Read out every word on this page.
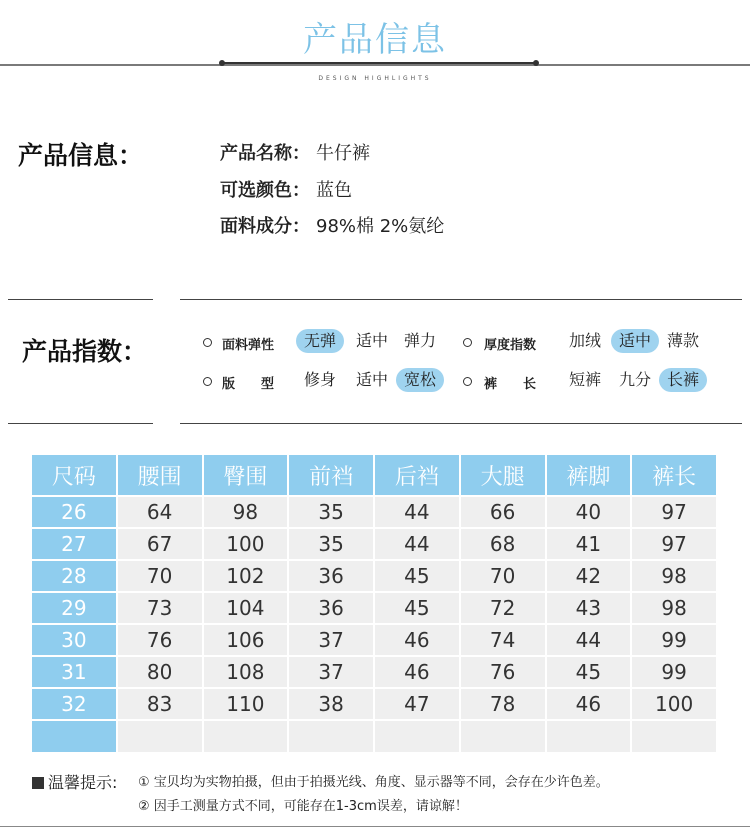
产品信息
DESIGN HIGHLIGHTS
产品信息：	产品名称： 牛仔裤
可选颜色： 蓝色
面料成分： 98%棉 2%氨纶
产品指数：	面料弹性	无弹	适中 弹力	厚度指数	加绒	适中 薄款
版　　型	修身	适中 宽松	裤　　长	短裤	九分 长裤
尺码	腰围	臀围	前裆	后裆	大腿	裤脚	裤长
26	64	98	35	44	66	40	97
27	67	100	35	44	68	41	97
28	70	102	36	45	70	42	98
29	73	104	36	45	72	43	98
30	76	106	37	46	74	44	99
31	80	108	37	46	76	45	99
32	83	110	38	47	78	46	100

温馨提示: ① 宝贝均为实物拍摄，但由于拍摄光线、角度、显示器等不同，会存在少许色差。
② 因手工测量方式不同，可能存在1-3cm误差，请谅解！
